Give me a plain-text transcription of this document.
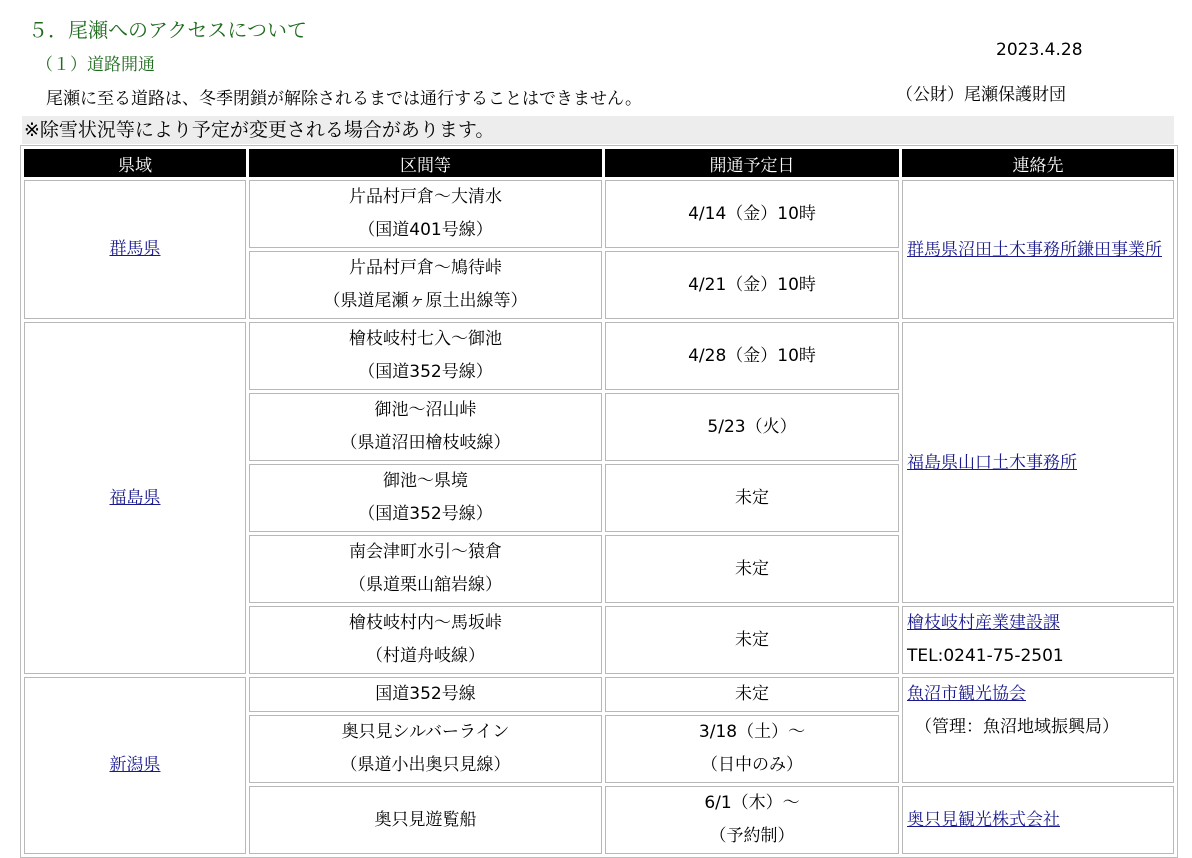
５．尾瀬へのアクセスについて
（１）道路開通
2023.4.28
尾瀬に至る道路は、冬季閉鎖が解除されるまでは通行することはできません。	（公財）尾瀬保護財団
※除雪状況等により予定が変更される場合があります。
県域	区間等	開通予定日	連絡先
群馬県	片品村戸倉～大清水
（国道401号線）	4/14（金）10時	群馬県沼田土木事務所鎌田事業所

	片品村戸倉～鳩待峠
（県道尾瀬ヶ原土出線等）	4/21（金）10時	
福島県	檜枝岐村七入～御池
（国道352号線）	4/28（金）10時	福島県山口土木事務所

	御池～沼山峠
（県道沼田檜枝岐線）	5/23（火）	

	御池～県境
（国道352号線）	未定	

	南会津町水引～猿倉
（県道栗山舘岩線）	未定	

	檜枝岐村内～馬坂峠
（村道舟岐線）	未定	檜枝岐村産業建設課
TEL:0241-75-2501

新潟県	国道352号線	未定	魚沼市観光協会
（管理：魚沼地域振興局）

	奥只見シルバーライン
（県道小出奥只見線）	3/18（土）～
（日中のみ）	

	奥只見遊覧船	6/1（木）～
（予約制）	奥只見観光株式会社
